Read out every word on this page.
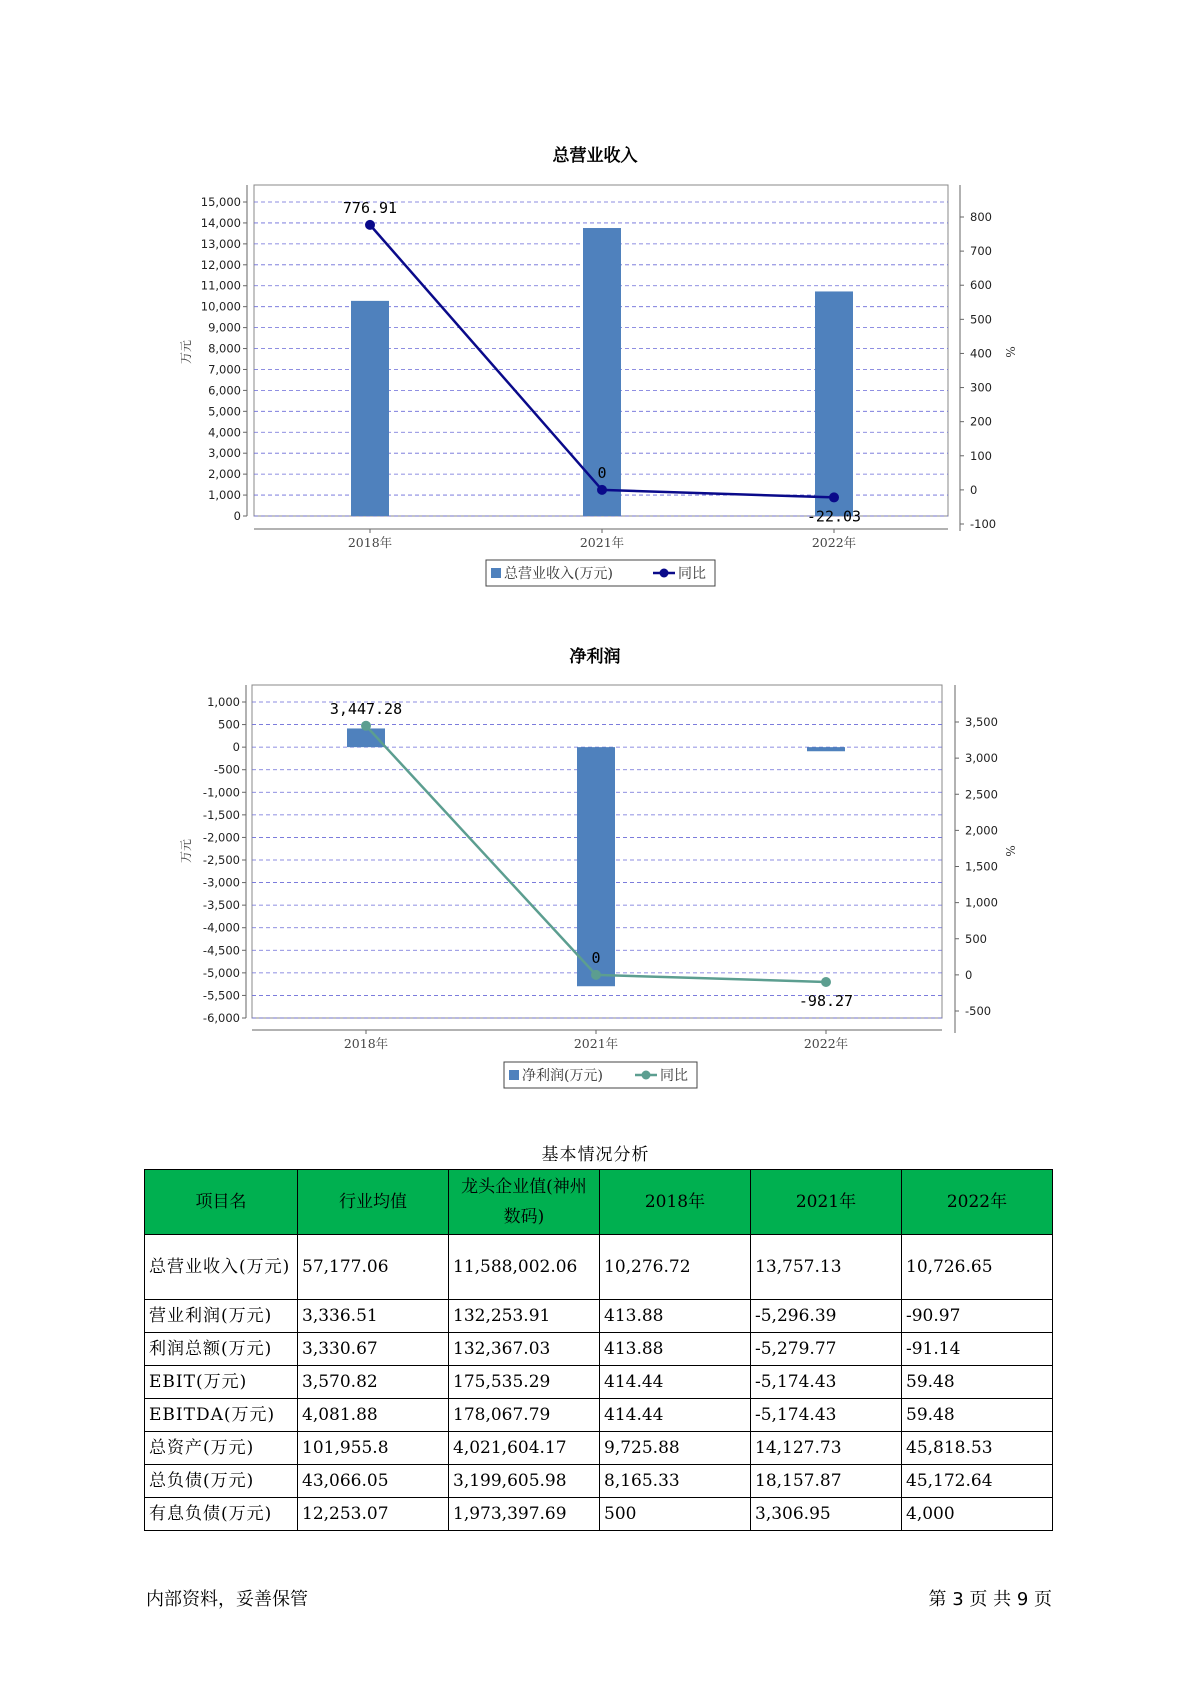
总营业收入
15,000
14,000
13,000
12,000
11,000
10,000
9,000
8,000
7,000
6,000
5,000
4,000
3,000
2,000
1,000
0
800
700
600
500
400
300
200
100
0
-100
2018年	2021年	2022年
万元	%
776.91
0
-22.03
总营业收入(万元)	同比
净利润
1,000
500
0
-500
-1,000
-1,500
-2,000
-2,500
-3,000
-3,500
-4,000
-4,500
-5,000
-5,500
-6,000
3,500
3,000
2,500
2,000
1,500
1,000
500
0
-500
2018年	2021年	2022年
万元	%
3,447.28
0
-98.27
净利润(万元)	同比
基本情况分析
项目名	行业均值	龙头企业值(神州数码)	2018年	2021年	2022年
总营业收入(万元)	57,177.06	11,588,002.06	10,276.72	13,757.13	10,726.65
营业利润(万元)	3,336.51	132,253.91	413.88	-5,296.39	-90.97
利润总额(万元)	3,330.67	132,367.03	413.88	-5,279.77	-91.14
EBIT(万元)	3,570.82	175,535.29	414.44	-5,174.43	59.48
EBITDA(万元)	4,081.88	178,067.79	414.44	-5,174.43	59.48
总资产(万元)	101,955.8	4,021,604.17	9,725.88	14,127.73	45,818.53
总负债(万元)	43,066.05	3,199,605.98	8,165.33	18,157.87	45,172.64
有息负债(万元)	12,253.07	1,973,397.69	500	3,306.95	4,000
内部资料，妥善保管	第 3 页 共 9 页
